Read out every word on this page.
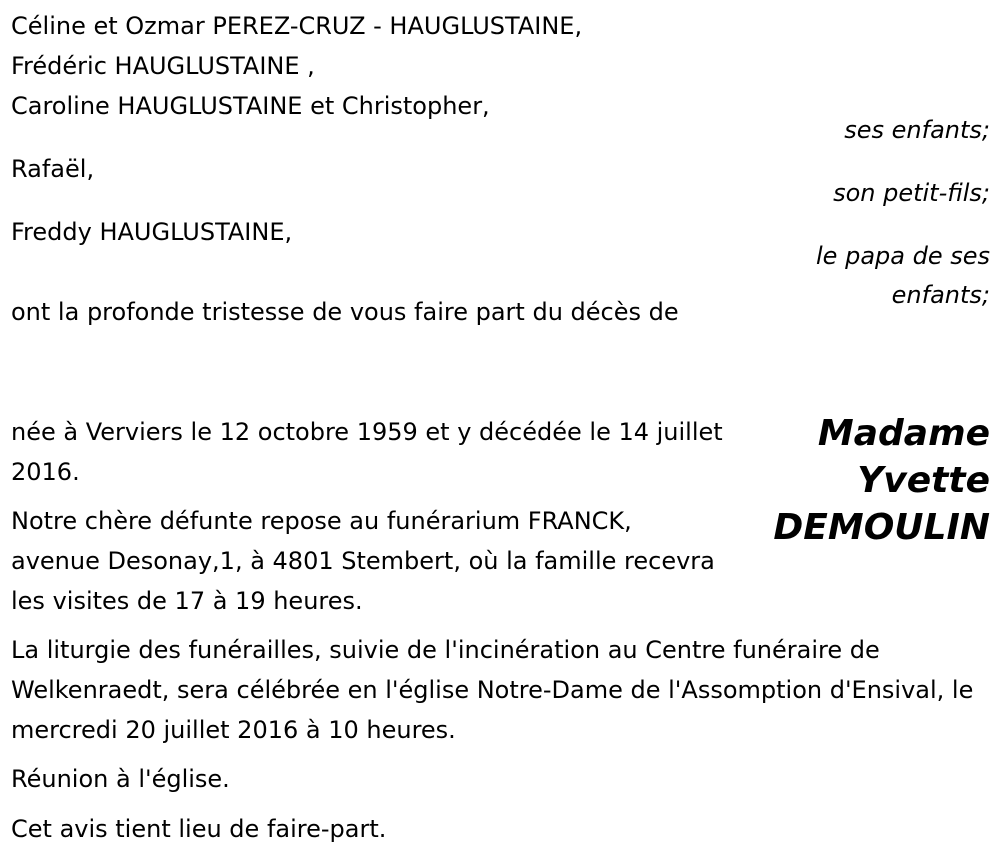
Céline et Ozmar PEREZ-CRUZ - HAUGLUSTAINE,

Frédéric HAUGLUSTAINE ,

Caroline HAUGLUSTAINE et Christopher,

ses enfants;

Rafaël,

son petit-fils;

Freddy HAUGLUSTAINE,

le papa de ses

enfants;

ont la profonde tristesse de vous faire part du décès de

Madame
Yvette
DEMOULIN

née à Verviers le 12 octobre 1959 et y décédée le 14 juillet 2016.

Notre chère défunte repose au funérarium FRANCK, avenue Desonay,1, à 4801 Stembert, où la famille recevra les visites de 17 à 19 heures.

La liturgie des funérailles, suivie de l'incinération au Centre funéraire de Welkenraedt, sera célébrée en l'église Notre-Dame de l'Assomption d'Ensival, le mercredi 20 juillet 2016 à 10 heures.

Réunion à l'église.

Cet avis tient lieu de faire-part.
